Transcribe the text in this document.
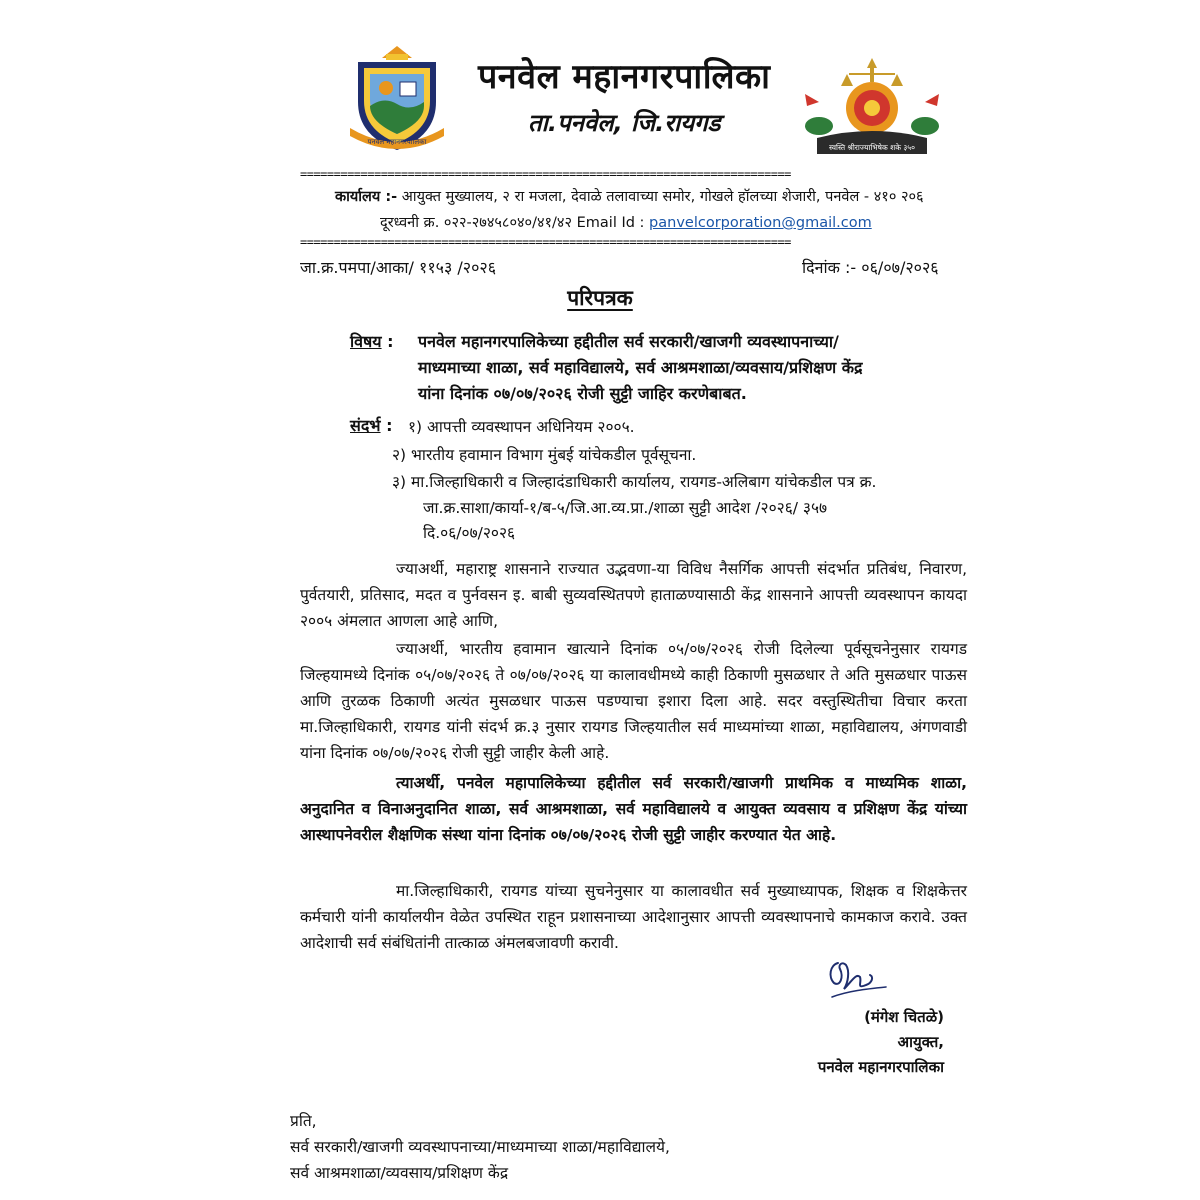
पनवेल महानगरपालिका
पनवेल महानगरपालिका
ता.पनवेल, जि.रायगड
स्वस्ति श्रीराज्याभिषेक शके ३५०
=========================================================================
कार्यालय :- आयुक्त मुख्यालय, २ रा मजला, देवाळे तलावाच्या समोर, गोखले हॉलच्या शेजारी, पनवेल - ४१० २०६
दूरध्वनी क्र. ०२२-२७४५८०४०/४१/४२ Email Id : panvelcorporation@gmail.com
=========================================================================
जा.क्र.पमपा/आका/ ११५३ /२०२६	दिनांक :- ०६/०७/२०२६
परिपत्रक
विषय : पनवेल महानगरपालिकेच्या हद्दीतील सर्व सरकारी/खाजगी व्यवस्थापनाच्या/
माध्यमाच्या शाळा, सर्व महाविद्यालये, सर्व आश्रमशाळा/व्यवसाय/प्रशिक्षण केंद्र
यांना दिनांक ०७/०७/२०२६ रोजी सुट्टी जाहिर करणेबाबत.
संदर्भ : १) आपत्ती व्यवस्थापन अधिनियम २००५.
२) भारतीय हवामान विभाग मुंबई यांचेकडील पूर्वसूचना.
३) मा.जिल्हाधिकारी व जिल्हादंडाधिकारी कार्यालय, रायगड-अलिबाग यांचेकडील पत्र क्र.
जा.क्र.साशा/कार्या-१/ब-५/जि.आ.व्य.प्रा./शाळा सुट्टी आदेश /२०२६/ ३५७
दि.०६/०७/२०२६
ज्याअर्थी, महाराष्ट्र शासनाने राज्यात उद्भवणा-या विविध नैसर्गिक आपत्ती संदर्भात प्रतिबंध, निवारण, पुर्वतयारी, प्रतिसाद, मदत व पुर्नवसन इ. बाबी सुव्यवस्थितपणे हाताळण्यासाठी केंद्र शासनाने आपत्ती व्यवस्थापन कायदा २००५ अंमलात आणला आहे आणि,
ज्याअर्थी, भारतीय हवामान खात्याने दिनांक ०५/०७/२०२६ रोजी दिलेल्या पूर्वसूचनेनुसार रायगड जिल्हयामध्ये दिनांक ०५/०७/२०२६ ते ०७/०७/२०२६ या कालावधीमध्ये काही ठिकाणी मुसळधार ते अति मुसळधार पाऊस आणि तुरळक ठिकाणी अत्यंत मुसळधार पाऊस पडण्याचा इशारा दिला आहे. सदर वस्तुस्थितीचा विचार करता मा.जिल्हाधिकारी, रायगड यांनी संदर्भ क्र.३ नुसार रायगड जिल्हयातील सर्व माध्यमांच्या शाळा, महाविद्यालय, अंगणवाडी यांना दिनांक ०७/०७/२०२६ रोजी सुट्टी जाहीर केली आहे.
त्याअर्थी, पनवेल महापालिकेच्या हद्दीतील सर्व सरकारी/खाजगी प्राथमिक व माध्यमिक शाळा, अनुदानित व विनाअनुदानित शाळा, सर्व आश्रमशाळा, सर्व महाविद्यालये व आयुक्त व्यवसाय व प्रशिक्षण केंद्र यांच्या आस्थापनेवरील शैक्षणिक संस्था यांना दिनांक ०७/०७/२०२६ रोजी सुट्टी जाहीर करण्यात येत आहे.
मा.जिल्हाधिकारी, रायगड यांच्या सुचनेनुसार या कालावधीत सर्व मुख्याध्यापक, शिक्षक व शिक्षकेत्तर कर्मचारी यांनी कार्यालयीन वेळेत उपस्थित राहून प्रशासनाच्या आदेशानुसार आपत्ती व्यवस्थापनाचे कामकाज करावे. उक्त आदेशाची सर्व संबंधितांनी तात्काळ अंमलबजावणी करावी.
(मंगेश चितळे)
आयुक्त,
पनवेल महानगरपालिका
प्रति,
सर्व सरकारी/खाजगी व्यवस्थापनाच्या/माध्यमाच्या शाळा/महाविद्यालये,
सर्व आश्रमशाळा/व्यवसाय/प्रशिक्षण केंद्र
